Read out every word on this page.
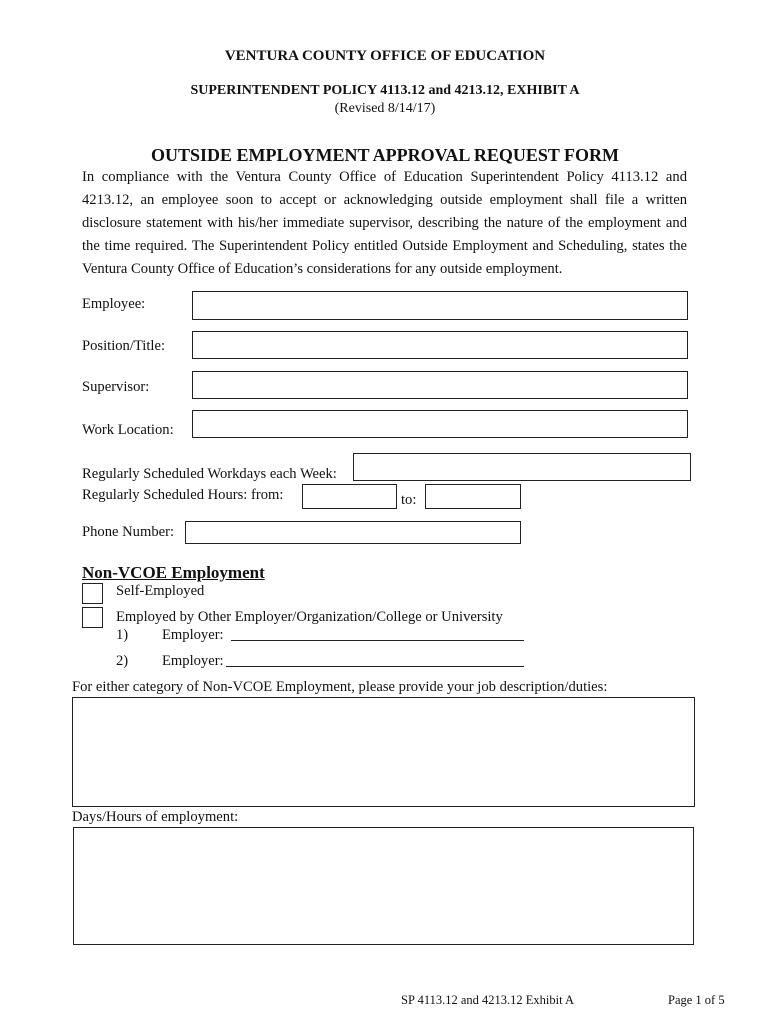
VENTURA COUNTY OFFICE OF EDUCATION
SUPERINTENDENT POLICY 4113.12 and 4213.12, EXHIBIT A
(Revised 8/14/17)
OUTSIDE EMPLOYMENT APPROVAL REQUEST FORM
In compliance with the Ventura County Office of Education Superintendent Policy 4113.12 and 4213.12, an employee soon to accept or acknowledging outside employment shall file a written disclosure statement with his/her immediate supervisor, describing the nature of the employment and the time required. The Superintendent Policy entitled Outside Employment and Scheduling, states the Ventura County Office of Education’s considerations for any outside employment.
Employee:
Position/Title:
Supervisor:
Work Location:
Regularly Scheduled Workdays each Week:
Regularly Scheduled Hours: from:	to:
Phone Number:
Non-VCOE Employment
Self-Employed
Employed by Other Employer/Organization/College or University
1) Employer:
2) Employer:
For either category of Non-VCOE Employment, please provide your job description/duties:
Days/Hours of employment:
SP 4113.12 and 4213.12 Exhibit A	Page 1 of 5
